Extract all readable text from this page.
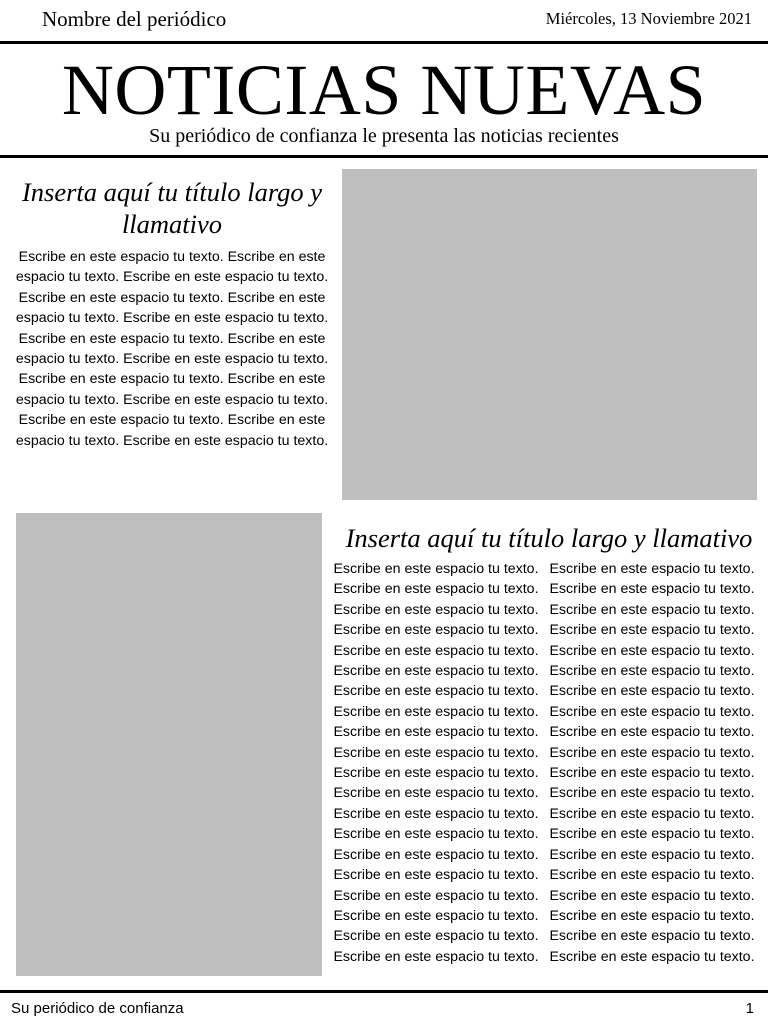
Nombre del periódico	Miércoles, 13 Noviembre 2021
NOTICIAS NUEVAS
Su periódico de confianza le presenta las noticias recientes
Inserta aquí tu título largo y llamativo
Escribe en este espacio tu texto. Escribe en este espacio tu texto. Escribe en este espacio tu texto. Escribe en este espacio tu texto. Escribe en este espacio tu texto. Escribe en este espacio tu texto. Escribe en este espacio tu texto. Escribe en este espacio tu texto. Escribe en este espacio tu texto. Escribe en este espacio tu texto. Escribe en este espacio tu texto. Escribe en este espacio tu texto. Escribe en este espacio tu texto. Escribe en este espacio tu texto. Escribe en este espacio tu texto.
Inserta aquí tu título largo y llamativo
Escribe en este espacio tu texto.
Escribe en este espacio tu texto.
Escribe en este espacio tu texto.
Escribe en este espacio tu texto.
Escribe en este espacio tu texto.
Escribe en este espacio tu texto.
Escribe en este espacio tu texto.
Escribe en este espacio tu texto.
Escribe en este espacio tu texto.
Escribe en este espacio tu texto.
Escribe en este espacio tu texto.
Escribe en este espacio tu texto.
Escribe en este espacio tu texto.
Escribe en este espacio tu texto.
Escribe en este espacio tu texto.
Escribe en este espacio tu texto.
Escribe en este espacio tu texto.
Escribe en este espacio tu texto.
Escribe en este espacio tu texto.
Escribe en este espacio tu texto.
Escribe en este espacio tu texto.
Escribe en este espacio tu texto.
Escribe en este espacio tu texto.
Escribe en este espacio tu texto.
Escribe en este espacio tu texto.
Escribe en este espacio tu texto.
Escribe en este espacio tu texto.
Escribe en este espacio tu texto.
Escribe en este espacio tu texto.
Escribe en este espacio tu texto.
Escribe en este espacio tu texto.
Escribe en este espacio tu texto.
Escribe en este espacio tu texto.
Escribe en este espacio tu texto.
Escribe en este espacio tu texto.
Escribe en este espacio tu texto.
Escribe en este espacio tu texto.
Escribe en este espacio tu texto.
Escribe en este espacio tu texto.
Escribe en este espacio tu texto.
Su periódico de confianza	1
